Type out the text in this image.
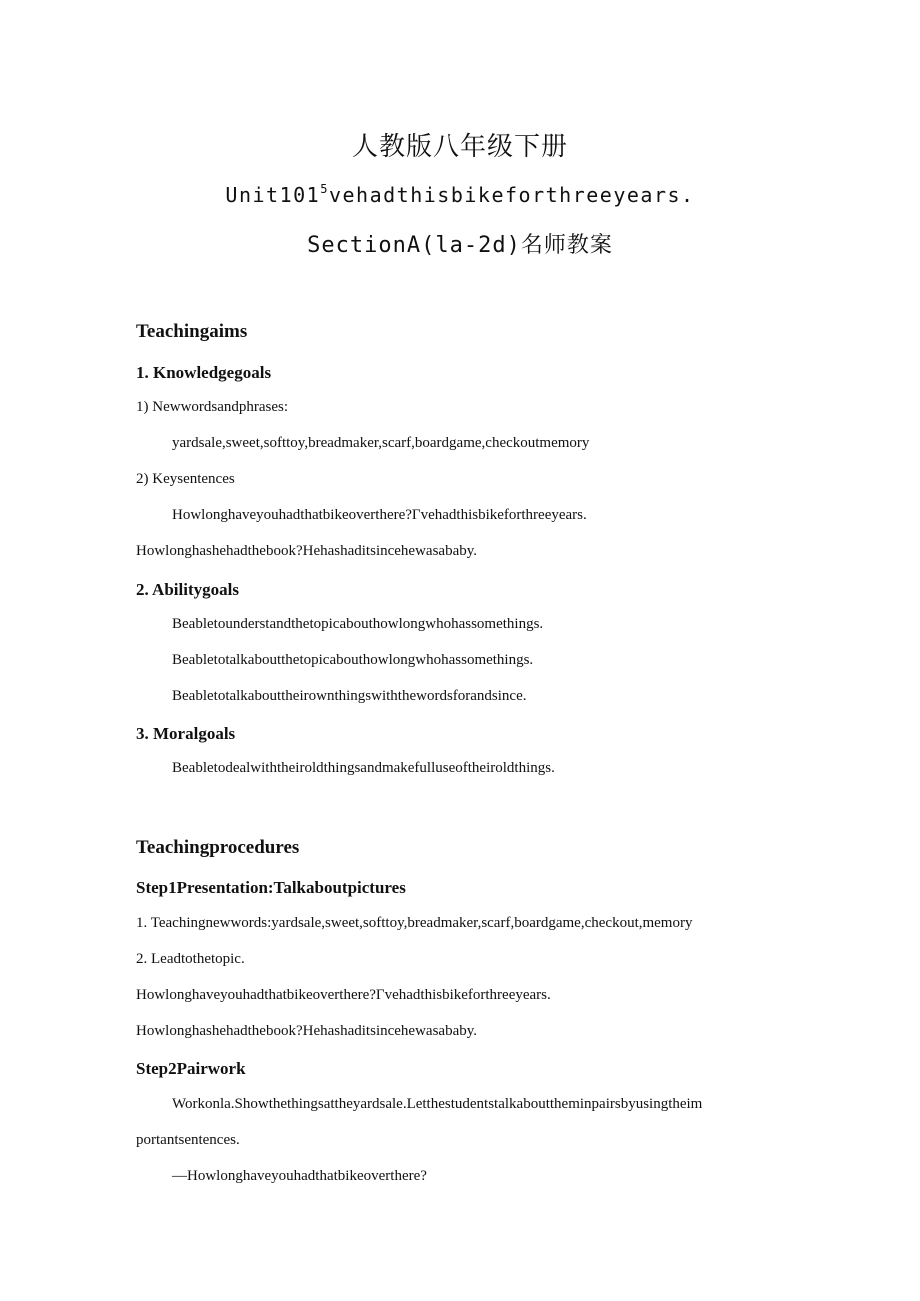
人教版八年级下册
$Unit101^5vehadthisbikeforthreeyears$.
SectionA(la-2d)名师教案
Teachingaims
1. Knowledgegoals
1) Newwordsandphrases:
yardsale,sweet,softtoy,breadmaker,scarf,boardgame,checkoutmemory
2) Keysentences
Howlonghaveyouhadthatbikeoverthere?Гvehadthisbikeforthreeyears.
Howlonghashehadthebook?Hehashaditsincehewasababy.
2. Abilitygoals
Beabletounderstandthetopicabouthowlongwhohassomethings.
Beabletotalkaboutthetopicabouthowlongwhohassomethings.
Beabletotalkabouttheirownthingswiththewordsforandsince.
3. Moralgoals
Beabletodealwiththeiroldthingsandmakefulluseoftheiroldthings.
Teachingprocedures
Step1Presentation:Talkaboutpictures
1. Teachingnewwords:yardsale,sweet,softtoy,breadmaker,scarf,boardgame,checkout,memory
2. Leadtothetopic.
Howlonghaveyouhadthatbikeoverthere?Гvehadthisbikeforthreeyears.
Howlonghashehadthebook?Hehashaditsincehewasababy.
Step2Pairwork
Workonla.Showthethingsattheyardsale.Letthestudentstalkabouttheminpairsbyusingtheim
portantsentences.
—Howlonghaveyouhadthatbikeoverthere?
